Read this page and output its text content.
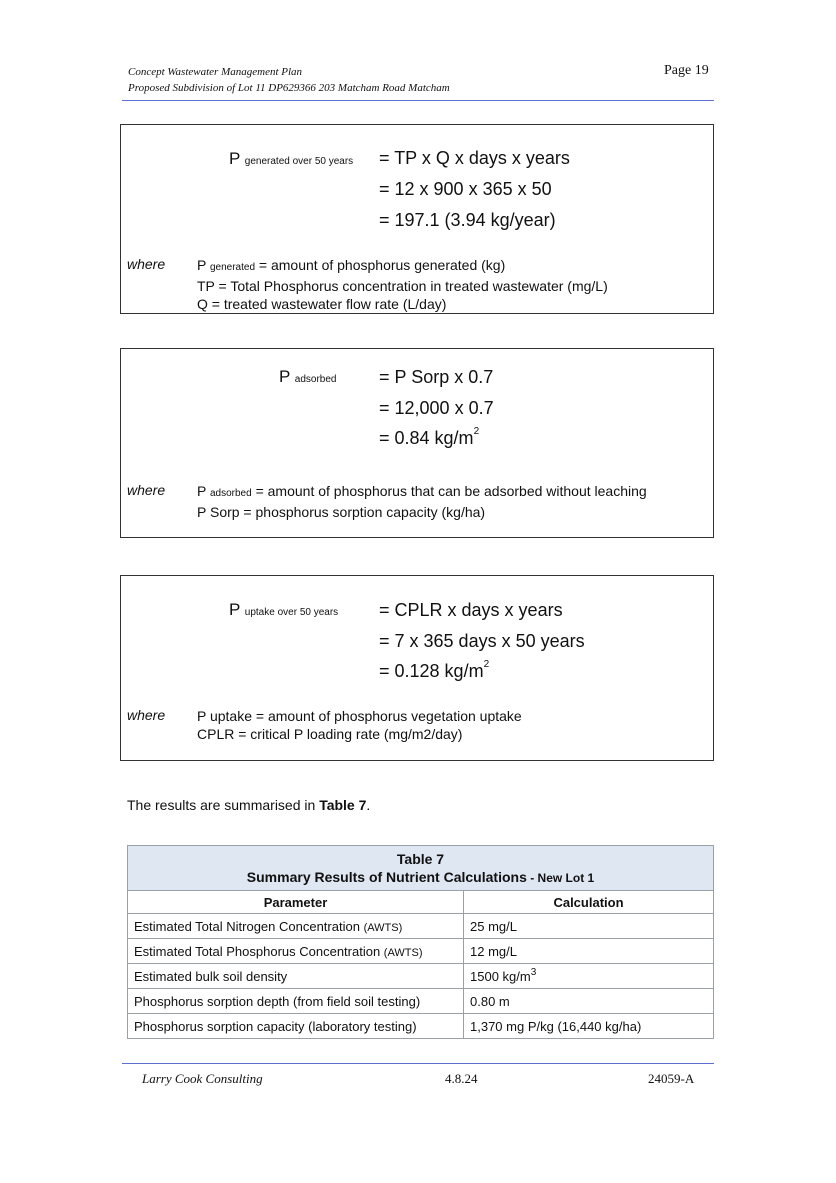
Concept Wastewater Management Plan
Proposed Subdivision of Lot 11 DP629366 203 Matcham Road Matcham
Page 19
P generated over 50 years = TP x Q x days x years
= 12 x 900 x 365 x 50
= 197.1 (3.94 kg/year)
where P generated = amount of phosphorus generated (kg)
TP = Total Phosphorus concentration in treated wastewater (mg/L)
Q = treated wastewater flow rate (L/day)
P adsorbed = P Sorp x 0.7
= 12,000 x 0.7
= 0.84 $kg/m^2$
where P adsorbed = amount of phosphorus that can be adsorbed without leaching
P Sorp = phosphorus sorption capacity (kg/ha)
P uptake over 50 years = CPLR x days x years
= 7 x 365 days x 50 years
= 0.128 $kg/m^2$
where P uptake = amount of phosphorus vegetation uptake
CPLR = critical P loading rate (mg/m2/day)
The results are summarised in Table 7.
Table 7
Summary Results of Nutrient Calculations - New Lot 1	

Parameter	Calculation
Estimated Total Nitrogen Concentration (AWTS)	25 mg/L
Estimated Total Phosphorus Concentration (AWTS)	12 mg/L
Estimated bulk soil density	1500 $kg/m^3$
Phosphorus sorption depth (from field soil testing)	0.80 m
Phosphorus sorption capacity (laboratory testing)	1,370 mg P/kg (16,440 kg/ha)
Larry Cook Consulting	4.8.24	24059-A
